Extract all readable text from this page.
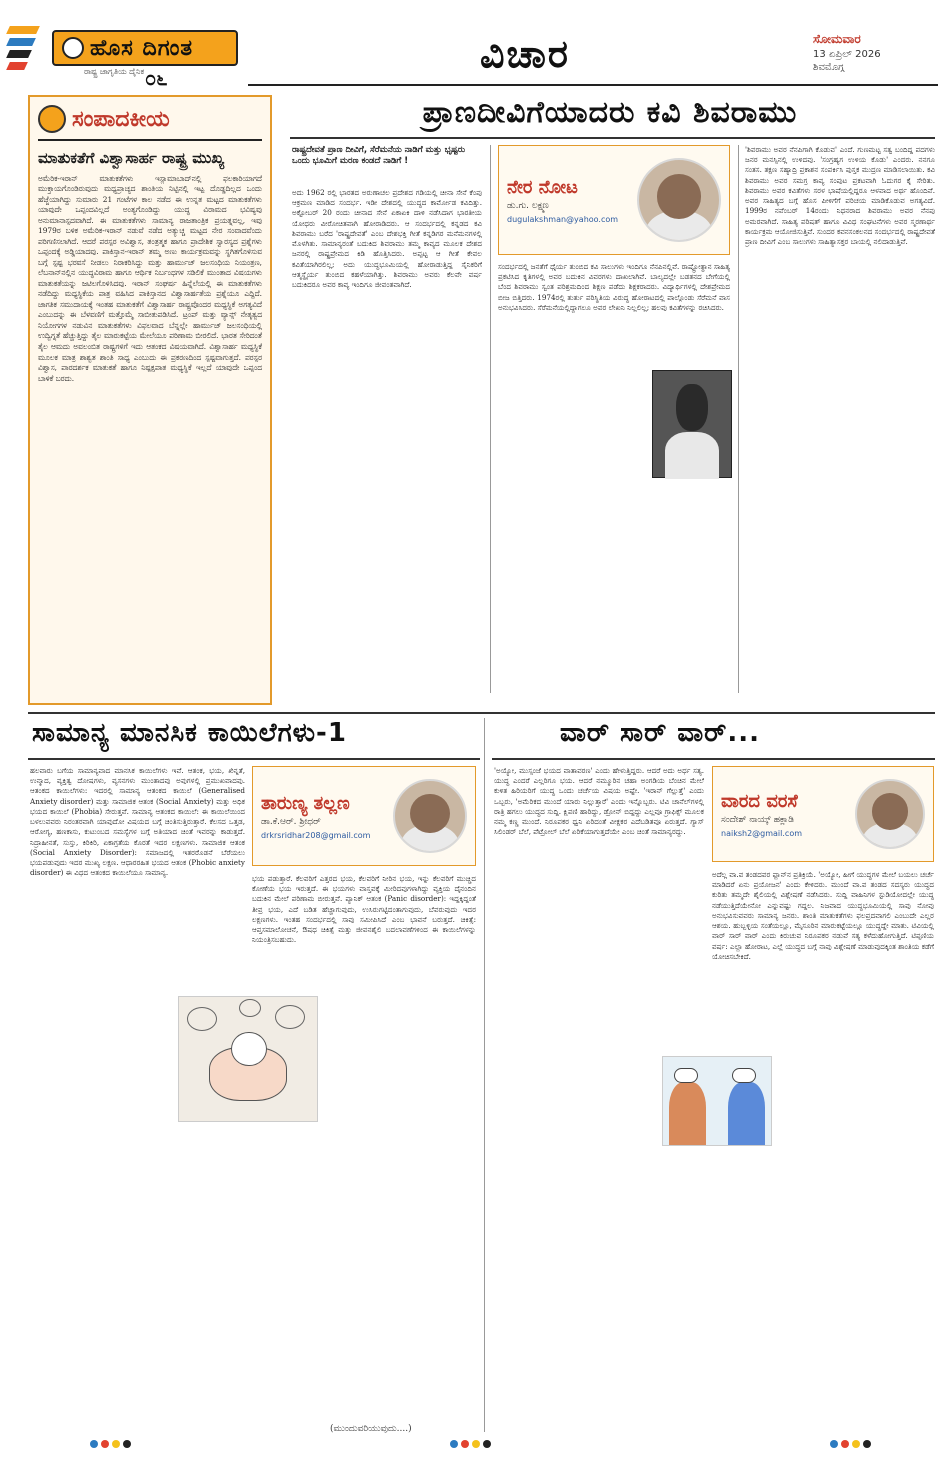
ಹೊಸ ದಿಗಂತ
ರಾಷ್ಟ್ರ ಜಾಗೃತಿಯ ದೈನಿಕ ೦೬
ವಿಚಾರ	ಸೋಮವಾರ
13 ಏಪ್ರಿಲ್ 2026
ಶಿವಮೊಗ್ಗ
ಸಂಪಾದಕೀಯ
ಮಾತುಕತೆಗೆ ವಿಶ್ವಾಸಾರ್ಹ ರಾಷ್ಟ್ರ ಮುಖ್ಯ
ಅಮೆರಿಕ-ಇರಾನ್ ಮಾತುಕತೆಗಳು ಇಸ್ಲಾಮಾಬಾದ್‌ನಲ್ಲಿ ಫಲಕಾರಿಯಾಗದೆ ಮುಕ್ತಾಯಗೊಂಡಿರುವುದು ಮಧ್ಯಪ್ರಾಚ್ಯದ ಶಾಂತಿಯ ನಿಟ್ಟಿನಲ್ಲಿ ಇಟ್ಟ ದೊಡ್ಡದಿಲ್ಲದ ಒಂದು ಹೆಜ್ಜೆಯಾಗಿದ್ದು ಸುಮಾರು 21 ಗಂಟೆಗಳ ಕಾಲ ನಡೆದ ಈ ಉನ್ನತ ಮಟ್ಟದ ಮಾತುಕತೆಗಳು ಯಾವುದೇ ಒಪ್ಪಂದವಿಲ್ಲದೆ ಅಂತ್ಯಗೊಂಡಿದ್ದು ಯುದ್ಧ ವಿರಾಮದ ಭವಿಷ್ಯವು ಅನುಮಾನಾಸ್ಪದವಾಗಿದೆ. ಈ ಮಾತುಕತೆಗಳು ಸಾಮಾನ್ಯ ರಾಜತಾಂತ್ರಿಕ ಪ್ರಯತ್ನವಲ್ಲ, ಇವು 1979ರ ಬಳಿಕ ಅಮೆರಿಕ-ಇರಾನ್ ನಡುವೆ ನಡೆದ ಅತ್ಯುಚ್ಚ ಮಟ್ಟದ ನೇರ ಸಂವಾದವೆಂದು ಪರಿಗಣಿಸಲಾಗಿದೆ. ಆದರೆ ಪರಸ್ಪರ ಅವಿಶ್ವಾಸ, ತಂತ್ರತ್ಮಕ ಹಾಗೂ ಪ್ರಾದೇಶಿಕ ಸ್ವಾರಸ್ಯದ ಪ್ರಶ್ನೆಗಳು ಒಪ್ಪಂದಕ್ಕೆ ಅಡ್ಡಿಯಾದವು. ಪಾಕಿಸ್ತಾನ-ಇರಾನ್ ತಮ್ಮ ಅಣು ಕಾರ್ಯಕ್ರಮವನ್ನು ಸ್ಥಗಿತಗೊಳಿಸುವ ಬಗ್ಗೆ ಸ್ಪಷ್ಟ ಭರವಸೆ ನೀಡಲು ನಿರಾಕರಿಸಿದ್ದು ಮತ್ತು ಹಾರ್ಮುಜ್ ಜಲಸಂಧಿಯ ನಿಯಂತ್ರಣ, ಲೆಬನಾನ್‌ನಲ್ಲಿನ ಯುದ್ಧವಿರಾಮ ಹಾಗೂ ಆರ್ಥಿಕ ನಿರ್ಬಂಧಗಳ ಸಡಿಲಿಕೆ ಮುಂತಾದ ವಿಷಯಗಳು ಮಾತುಕತೆಯನ್ನು ಜಟಿಲಗೊಳಿಸಿದವು. ಇರಾನ್ ಸಂಘರ್ಷ ಹಿನ್ನೆಲೆಯಲ್ಲಿ ಈ ಮಾತುಕತೆಗಳು ನಡೆದಿದ್ದು ಮಧ್ಯಸ್ಥಿಕೆಯ ಪಾತ್ರ ವಹಿಸಿದ ಪಾಕಿಸ್ತಾನದ ವಿಶ್ವಾಸಾರ್ಹತೆಯ ಪ್ರಶ್ನೆಯೂ ಎದ್ದಿದೆ. ಜಾಗತಿಕ ಸಮುದಾಯಕ್ಕೆ ಇಂತಹ ಮಾತುಕತೆಗೆ ವಿಶ್ವಾಸಾರ್ಹ ರಾಷ್ಟ್ರವೊಂದರ ಮಧ್ಯಸ್ಥಿಕೆ ಅಗತ್ಯವಿದೆ ಎಂಬುದನ್ನು ಈ ಬೆಳವಣಿಗೆ ಮತ್ತೊಮ್ಮೆ ಸಾಬೀತುಪಡಿಸಿದೆ. ಟ್ರಂಪ್ ಮತ್ತು ವ್ಯಾನ್ಸ್ ನೇತೃತ್ವದ ನಿಯೋಗಗಳ ನಡುವಿನ ಮಾತುಕತೆಗಳು ವಿಫಲವಾದ ಬೆನ್ನಲ್ಲೇ ಹಾರ್ಮುಜ್ ಜಲಸಂಧಿಯಲ್ಲಿ ಉದ್ವಿಗ್ನತೆ ಹೆಚ್ಚುತ್ತಿದ್ದು ತೈಲ ಮಾರುಕಟ್ಟೆಯ ಮೇಲೆಯೂ ಪರಿಣಾಮ ಬೀರಲಿದೆ. ಭಾರತ ಸೇರಿದಂತೆ ತೈಲ ಆಮದು ಅವಲಂಬಿತ ರಾಷ್ಟ್ರಗಳಿಗೆ ಇದು ಆತಂಕದ ವಿಷಯವಾಗಿದೆ. ವಿಶ್ವಾಸಾರ್ಹ ಮಧ್ಯಸ್ಥಿಕೆ ಮೂಲಕ ಮಾತ್ರ ಶಾಶ್ವತ ಶಾಂತಿ ಸಾಧ್ಯ ಎಂಬುದು ಈ ಪ್ರಕರಣದಿಂದ ಸ್ಪಷ್ಟವಾಗುತ್ತದೆ. ಪರಸ್ಪರ ವಿಶ್ವಾಸ, ಪಾರದರ್ಶಕ ಮಾತುಕತೆ ಹಾಗೂ ನಿಷ್ಪಕ್ಷಪಾತ ಮಧ್ಯಸ್ಥಿಕೆ ಇಲ್ಲದೆ ಯಾವುದೇ ಒಪ್ಪಂದ ಬಾಳಿಕೆ ಬರದು.
ಪ್ರಾಣದೀವಿಗೆಯಾದರು ಕವಿ ಶಿವರಾಮು
ರಾಷ್ಟ್ರದೇವತೆ ಪ್ರಾಣ ದೀವಿಗೆ, ಸೆರೆಮನೆಯ ನಾಡಿಗೆ ಮತ್ತು ಭೃಷ್ಟರು ಒಂದು ಭೂಮಿಗೆ ಮರಣ ಕಂಡದೆ ನಾಡಿಗೆ !
ಅದು 1962 ರಲ್ಲಿ ಭಾರತದ ಅರುಣಾಚಲ ಪ್ರದೇಶದ ಗಡಿಯಲ್ಲಿ ಚೀನಾ ಸೇನೆ ಕೆಂಪು ಆಕ್ರಮಣ ಮಾಡಿದ ಸಂದರ್ಭ. ಇಡೀ ದೇಶದಲ್ಲಿ ಯುದ್ಧದ ಕಾರ್ಮೋಡ ಕವಿದಿತ್ತು. ಅಕ್ಟೋಬರ್ 20 ರಂದು ಚೀನಾದ ಸೇನೆ ಏಕಾಏಕಿ ದಾಳಿ ನಡೆಸಿದಾಗ ಭಾರತೀಯ ಯೋಧರು ವೀರೋಚಿತವಾಗಿ ಹೋರಾಡಿದರು. ಆ ಸಂದರ್ಭದಲ್ಲಿ ಕನ್ನಡದ ಕವಿ ಶಿವರಾಮು ಬರೆದ 'ರಾಷ್ಟ್ರದೇವತೆ' ಎಂಬ ದೇಶಭಕ್ತಿ ಗೀತೆ ಕನ್ನಡಿಗರ ಮನೆಮನಗಳಲ್ಲಿ ಮೊಳಗಿತು. ಸಾಮಾನ್ಯರಂತೆ ಬದುಕಿದ ಶಿವರಾಮು ತಮ್ಮ ಕಾವ್ಯದ ಮೂಲಕ ದೇಶದ ಜನರಲ್ಲಿ ರಾಷ್ಟ್ರಪ್ರೇಮದ ಕಿಡಿ ಹೊತ್ತಿಸಿದರು. ಅಪ್ಪಟ್ಟ ಆ ಗೀತೆ ಕೇವಲ ಕವಿತೆಯಾಗಿರಲಿಲ್ಲ; ಅದು ಯುದ್ಧಭೂಮಿಯಲ್ಲಿ ಹೋರಾಡುತ್ತಿದ್ದ ಸೈನಿಕರಿಗೆ ಆತ್ಮಸ್ಥೈರ್ಯ ತುಂಬಿದ ಕಹಳೆಯಾಗಿತ್ತು. ಶಿವರಾಮು ಅವರು ಕೆಲವೇ ವರ್ಷ ಬದುಕಿದರೂ ಅವರ ಕಾವ್ಯ ಇಂದಿಗೂ ಜೀವಂತವಾಗಿದೆ.
ನೇರ ನೋಟ
ಡು.ಗು. ಲಕ್ಷ್ಮಣ
dugulakshman@yahoo.com
ಸಂದರ್ಭದಲ್ಲಿ ಜನತೆಗೆ ಧೈರ್ಯ ತುಂಬಿದ ಕವಿ ಸಾಲುಗಳು ಇಂದಿಗೂ ನೆನಪಿನಲ್ಲಿವೆ. ರಾಷ್ಟ್ರೋತ್ಥಾನ ಸಾಹಿತ್ಯ ಪ್ರಕಟಿಸಿದ ಕೃತಿಗಳಲ್ಲಿ ಅವರ ಬದುಕಿನ ವಿವರಗಳು ದಾಖಲಾಗಿವೆ. ಬಾಲ್ಯದಲ್ಲೇ ಬಡತನದ ಬೇಗೆಯಲ್ಲಿ ಬೆಂದ ಶಿವರಾಮು ಸ್ವಂತ ಪರಿಶ್ರಮದಿಂದ ಶಿಕ್ಷಣ ಪಡೆದು ಶಿಕ್ಷಕರಾದರು. ವಿದ್ಯಾರ್ಥಿಗಳಲ್ಲಿ ದೇಶಪ್ರೇಮದ ಬೀಜ ಬಿತ್ತಿದರು. 1974ರಲ್ಲಿ ತುರ್ತು ಪರಿಸ್ಥಿತಿಯ ವಿರುದ್ಧ ಹೋರಾಟದಲ್ಲಿ ಪಾಲ್ಗೊಂಡು ಸೆರೆಮನೆ ವಾಸ ಅನುಭವಿಸಿದರು. ಸೆರೆಮನೆಯಲ್ಲಿದ್ದಾಗಲೂ ಅವರ ಲೇಖನಿ ನಿಲ್ಲಲಿಲ್ಲ; ಹಲವು ಕವಿತೆಗಳನ್ನು ರಚಿಸಿದರು.
'ಶಿವರಾಮು ಅವರ ನೆನಪಿಗಾಗಿ ಕೊಡುವ' ಎಂದೆ. ಗುಣಮಟ್ಟ ಸತ್ವ ಬಂದಿದ್ದ ಪದಗಳು ಜನರ ಮನಸ್ಸಿನಲ್ಲಿ ಉಳಿದವು. 'ಸಂಗ್ರಹ್ಯಗ ಉಳಿಯ ಕೊಡು' ಎಂದರು. ನನಗೂ ಸಂತಸ. ತಕ್ಷಣ ಸಹ್ಯಾದ್ರಿ ಪ್ರಕಾಶನ ಸಂಪರ್ಕಿಸಿ ಪುಸ್ತಕ ಮುದ್ರಣ ಮಾಡಿಸಲಾಯಿತು. ಕವಿ ಶಿವರಾಮು ಅವರ ಸಮಗ್ರ ಕಾವ್ಯ ಸಂಪುಟ ಪ್ರಕಟವಾಗಿ ಓದುಗರ ಕೈ ಸೇರಿತು. ಶಿವರಾಮು ಅವರ ಕವಿತೆಗಳು ಸರಳ ಭಾಷೆಯಲ್ಲಿದ್ದರೂ ಆಳವಾದ ಅರ್ಥ ಹೊಂದಿವೆ. ಅವರ ಸಾಹಿತ್ಯದ ಬಗ್ಗೆ ಹೊಸ ಪೀಳಿಗೆಗೆ ಪರಿಚಯ ಮಾಡಿಕೊಡುವ ಅಗತ್ಯವಿದೆ. 1999ರ ನವೆಂಬರ್ 14ರಂದು ನಿಧನರಾದ ಶಿವರಾಮು ಅವರ ನೆನಪು ಅಮರವಾಗಿದೆ. ಸಾಹಿತ್ಯ ಪರಿಷತ್ ಹಾಗೂ ವಿವಿಧ ಸಂಘಟನೆಗಳು ಅವರ ಸ್ಮರಣಾರ್ಥ ಕಾರ್ಯಕ್ರಮ ಆಯೋಜಿಸುತ್ತಿವೆ. ಸುಂದರ ಕವನಸಂಕಲನದ ಸಂದರ್ಭದಲ್ಲಿ ರಾಷ್ಟ್ರದೇವತೆ ಪ್ರಾಣ ದೀವಿಗೆ ಎಂಬ ಸಾಲುಗಳು ಸಾಹಿತ್ಯಾಸಕ್ತರ ಬಾಯಲ್ಲಿ ನಲಿದಾಡುತ್ತಿವೆ.
ಸಾಮಾನ್ಯ ಮಾನಸಿಕ ಕಾಯಿಲೆಗಳು-1
ಹಲವಾರು ಬಗೆಯ ಸಾಮಾನ್ಯವಾದ ಮಾನಸಿಕ ಕಾಯಿಲೆಗಳು ಇವೆ. ಆತಂಕ, ಭಯ, ಖಿನ್ನತೆ, ಉನ್ಮಾದ, ವ್ಯಕ್ತಿತ್ವ ದೋಷಗಳು, ವ್ಯಸನಗಳು ಮುಂತಾದವು ಅವುಗಳಲ್ಲಿ ಪ್ರಮುಖವಾದವು. ಆತಂಕದ ಕಾಯಿಲೆಗಳು: ಇದರಲ್ಲಿ ಸಾಮಾನ್ಯ ಆತಂಕದ ಕಾಯಿಲೆ (Generalised Anxiety disorder) ಮತ್ತು ಸಾಮಾಜಿಕ ಆತಂಕ (Social Anxiety) ಮತ್ತು ಅಧಿಕ ಭಯದ ಕಾಯಿಲೆ (Phobia) ಸೇರುತ್ತವೆ. ಸಾಮಾನ್ಯ ಆತಂಕದ ಕಾಯಿಲೆ: ಈ ಕಾಯಿಲೆಯಿಂದ ಬಳಲುವವರು ನಿರಂತರವಾಗಿ ಯಾವುದೋ ವಿಷಯದ ಬಗ್ಗೆ ಚಿಂತಿಸುತ್ತಿರುತ್ತಾರೆ. ಕೆಲಸದ ಒತ್ತಡ, ಆರೋಗ್ಯ, ಹಣಕಾಸು, ಕುಟುಂಬದ ಸಮಸ್ಯೆಗಳ ಬಗ್ಗೆ ಅತಿಯಾದ ಚಿಂತೆ ಇವರನ್ನು ಕಾಡುತ್ತದೆ. ನಿದ್ರಾಹೀನತೆ, ಸುಸ್ತು, ಕಿರಿಕಿರಿ, ಏಕಾಗ್ರತೆಯ ಕೊರತೆ ಇದರ ಲಕ್ಷಣಗಳು. ಸಾಮಾಜಿಕ ಆತಂಕ (Social Anxiety Disorder): ಸಮಾಜದಲ್ಲಿ ಇತರರೊಡನೆ ಬೆರೆಯಲು ಭಯಪಡುವುದು ಇದರ ಮುಖ್ಯ ಲಕ್ಷಣ. ಆಧಾರರಹಿತ ಭಯದ ಆತಂಕ (Phobic anxiety disorder) ಈ ವಿಧದ ಆತಂಕದ ಕಾಯಿಲೆಯೂ ಸಾಮಾನ್ಯ.
ತಾರುಣ್ಯ ತಲ್ಲಣ
ಡಾ.ಕೆ.ಆರ್. ಶ್ರೀಧರ್
drkrsridhar208@gmail.com
ಭಯ ಪಡುತ್ತಾರೆ. ಕೆಲವರಿಗೆ ಎತ್ತರದ ಭಯ, ಕೆಲವರಿಗೆ ನೀರಿನ ಭಯ, ಇನ್ನು ಕೆಲವರಿಗೆ ಮುಚ್ಚಿದ ಕೋಣೆಯ ಭಯ ಇರುತ್ತದೆ. ಈ ಭಯಗಳು ವಾಸ್ತವಕ್ಕೆ ಮೀರಿದವುಗಳಾಗಿದ್ದು ವ್ಯಕ್ತಿಯ ದೈನಂದಿನ ಬದುಕಿನ ಮೇಲೆ ಪರಿಣಾಮ ಬೀರುತ್ತವೆ. ಪ್ಯಾನಿಕ್ ಆತಂಕ (Panic disorder): ಇದ್ದಕ್ಕಿದ್ದಂತೆ ತೀವ್ರ ಭಯ, ಎದೆ ಬಡಿತ ಹೆಚ್ಚಾಗುವುದು, ಉಸಿರುಗಟ್ಟಿದಂತಾಗುವುದು, ಬೆವರುವುದು ಇದರ ಲಕ್ಷಣಗಳು. ಇಂತಹ ಸಂದರ್ಭದಲ್ಲಿ ಸಾವು ಸಮೀಪಿಸಿದೆ ಎಂಬ ಭಾವನೆ ಬರುತ್ತದೆ. ಚಿಕಿತ್ಸೆ: ಆಪ್ತಸಮಾಲೋಚನೆ, ಔಷಧ ಚಿಕಿತ್ಸೆ ಮತ್ತು ಜೀವನಶೈಲಿ ಬದಲಾವಣೆಗಳಿಂದ ಈ ಕಾಯಿಲೆಗಳನ್ನು ನಿಯಂತ್ರಿಸಬಹುದು.
(ಮುಂದುವರಿಯುವುದು....)
ವಾರ್ ಸಾರ್ ವಾರ್...
'ಅಯ್ಯೋ, ಮುಸ್ಸಂಜೆ ಭಯದ ವಾತಾವರಣ' ಎಂದು ಹೇಳುತ್ತಿದ್ದರು. ಆದರೆ ಅದು ಅರ್ಧ ಸತ್ಯ. ಯುದ್ಧ ಎಂದರೆ ಎಲ್ಲರಿಗೂ ಭಯ. ಆದರೆ ನಮ್ಮೂರಿನ ಚಹಾ ಅಂಗಡಿಯ ಬೆಂಚಿನ ಮೇಲೆ ಕುಳಿತ ಹಿರಿಯರಿಗೆ ಯುದ್ಧ ಒಂದು ಚರ್ಚೆಯ ವಿಷಯ ಅಷ್ಟೇ. 'ಇರಾನ್ ಗೆಲ್ಲುತ್ತೆ' ಎಂದು ಒಬ್ಬರು, 'ಅಮೆರಿಕದ ಮುಂದೆ ಯಾರು ನಿಲ್ಲುತ್ತಾರೆ' ಎಂದು ಇನ್ನೊಬ್ಬರು. ಟಿವಿ ಚಾನೆಲ್‌ಗಳಲ್ಲಿ ರಾತ್ರಿ ಹಗಲು ಯುದ್ಧದ ಸುದ್ದಿ. ಕ್ಷಿಪಣಿ ಹಾರಿದ್ದು, ಡ್ರೋನ್ ಬಿದ್ದದ್ದು ಎಲ್ಲವೂ ಗ್ರಾಫಿಕ್ಸ್ ಮೂಲಕ ನಮ್ಮ ಕಣ್ಣ ಮುಂದೆ. ನಿರೂಪಕರ ಧ್ವನಿ ಏರಿದಂತೆ ವೀಕ್ಷಕರ ಎದೆಬಡಿತವೂ ಏರುತ್ತದೆ. ಗ್ಯಾಸ್ ಸಿಲಿಂಡರ್ ಬೆಲೆ, ಪೆಟ್ರೋಲ್ ಬೆಲೆ ಏರಿಕೆಯಾಗುತ್ತದೆಯೇ ಎಂಬ ಚಿಂತೆ ಸಾಮಾನ್ಯರದ್ದು.
ವಾರದ ವರಸೆ
ಸಂದೇಶ್ ನಾಯ್ಕ್ ಹಕ್ಲಾಡಿ
naiksh2@gmail.com
ಅದೆಲ್ಲ ವಾ.ವ ತಂಡದವರ ಫ್ಲಾನ್‌ನ ಪ್ರತಿಕ್ರಿಯೆ. 'ಅಯ್ಯೋ, ಹೀಗೆ ಯುದ್ಧಗಳ ಮೇಲೆ ಬಯಲು ಚರ್ಚೆ ಮಾಡಿದರೆ ಏನು ಪ್ರಯೋಜನ' ಎಂದು ಕೇಳಿದರು. ಮುಂದೆ ವಾ.ವ ತಂಡದ ಸದಸ್ಯರು ಯುದ್ಧದ ಕುರಿತು ತಮ್ಮದೇ ಶೈಲಿಯಲ್ಲಿ ವಿಶ್ಲೇಷಣೆ ನಡೆಸಿದರು. ಸುದ್ದಿ ವಾಹಿನಿಗಳ ಸ್ಟುಡಿಯೋದಲ್ಲೇ ಯುದ್ಧ ನಡೆಯುತ್ತಿದೆಯೇನೋ ಎನ್ನುವಷ್ಟು ಗದ್ದಲ. ನಿಜವಾದ ಯುದ್ಧಭೂಮಿಯಲ್ಲಿ ಸಾವು ನೋವು ಅನುಭವಿಸುವವರು ಸಾಮಾನ್ಯ ಜನರು. ಶಾಂತಿ ಮಾತುಕತೆಗಳು ಫಲಪ್ರದವಾಗಲಿ ಎಂಬುದೇ ಎಲ್ಲರ ಆಶಯ. ಹುಬ್ಬಳ್ಳಿಯ ಸಂತೆಯಲ್ಲೂ, ಮೈಸೂರಿನ ಮಾರುಕಟ್ಟೆಯಲ್ಲೂ ಯುದ್ಧದ್ದೇ ಮಾತು. ಟಿವಿಯಲ್ಲಿ ವಾರ್ ಸಾರ್ ವಾರ್ ಎಂದು ಕಿರುಚುವ ನಿರೂಪಕರ ನಡುವೆ ಸತ್ಯ ಕಳೆದುಹೋಗುತ್ತಿದೆ. ಟಿಪ್ಪಣಿಯ ವರ್ಷ: ಎಲ್ಲಾ ಹೋರಾಟ, ಎಲ್ಲೆ ಯುದ್ಧದ ಬಗ್ಗೆ ನಾವು ವಿಶ್ಲೇಷಣೆ ಮಾಡುವುದಕ್ಕಿಂತ ಶಾಂತಿಯ ಕಡೆಗೆ ಯೋಚಿಸಬೇಕಿದೆ.
